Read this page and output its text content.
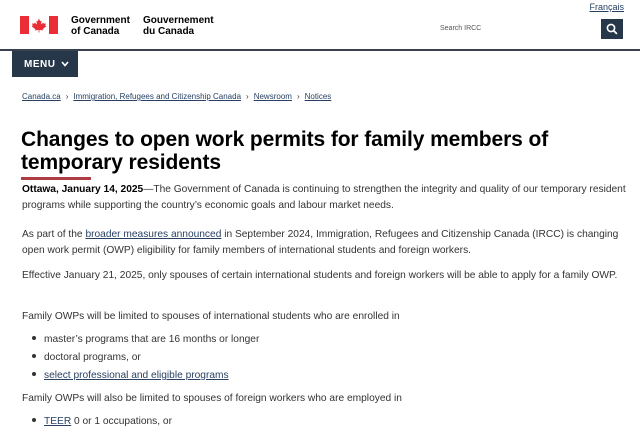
Français
Government
of Canada
Gouvernement
du Canada	Search IRCC
MENU
Canada.ca › Immigration, Refugees and Citizenship Canada › Newsroom › Notices
Changes to open work permits for family members of temporary residents

Ottawa, January 14, 2025—The Government of Canada is continuing to strengthen the integrity and quality of our temporary resident programs while supporting the country’s economic goals and labour market needs.

As part of the broader measures announced in September 2024, Immigration, Refugees and Citizenship Canada (IRCC) is changing open work permit (OWP) eligibility for family members of international students and foreign workers.

Effective January 21, 2025, only spouses of certain international students and foreign workers will be able to apply for a family OWP.

Family OWPs will be limited to spouses of international students who are enrolled in

master’s programs that are 16 months or longer
doctoral programs, or
select professional and eligible programs

Family OWPs will also be limited to spouses of foreign workers who are employed in

TEER 0 or 1 occupations, or
